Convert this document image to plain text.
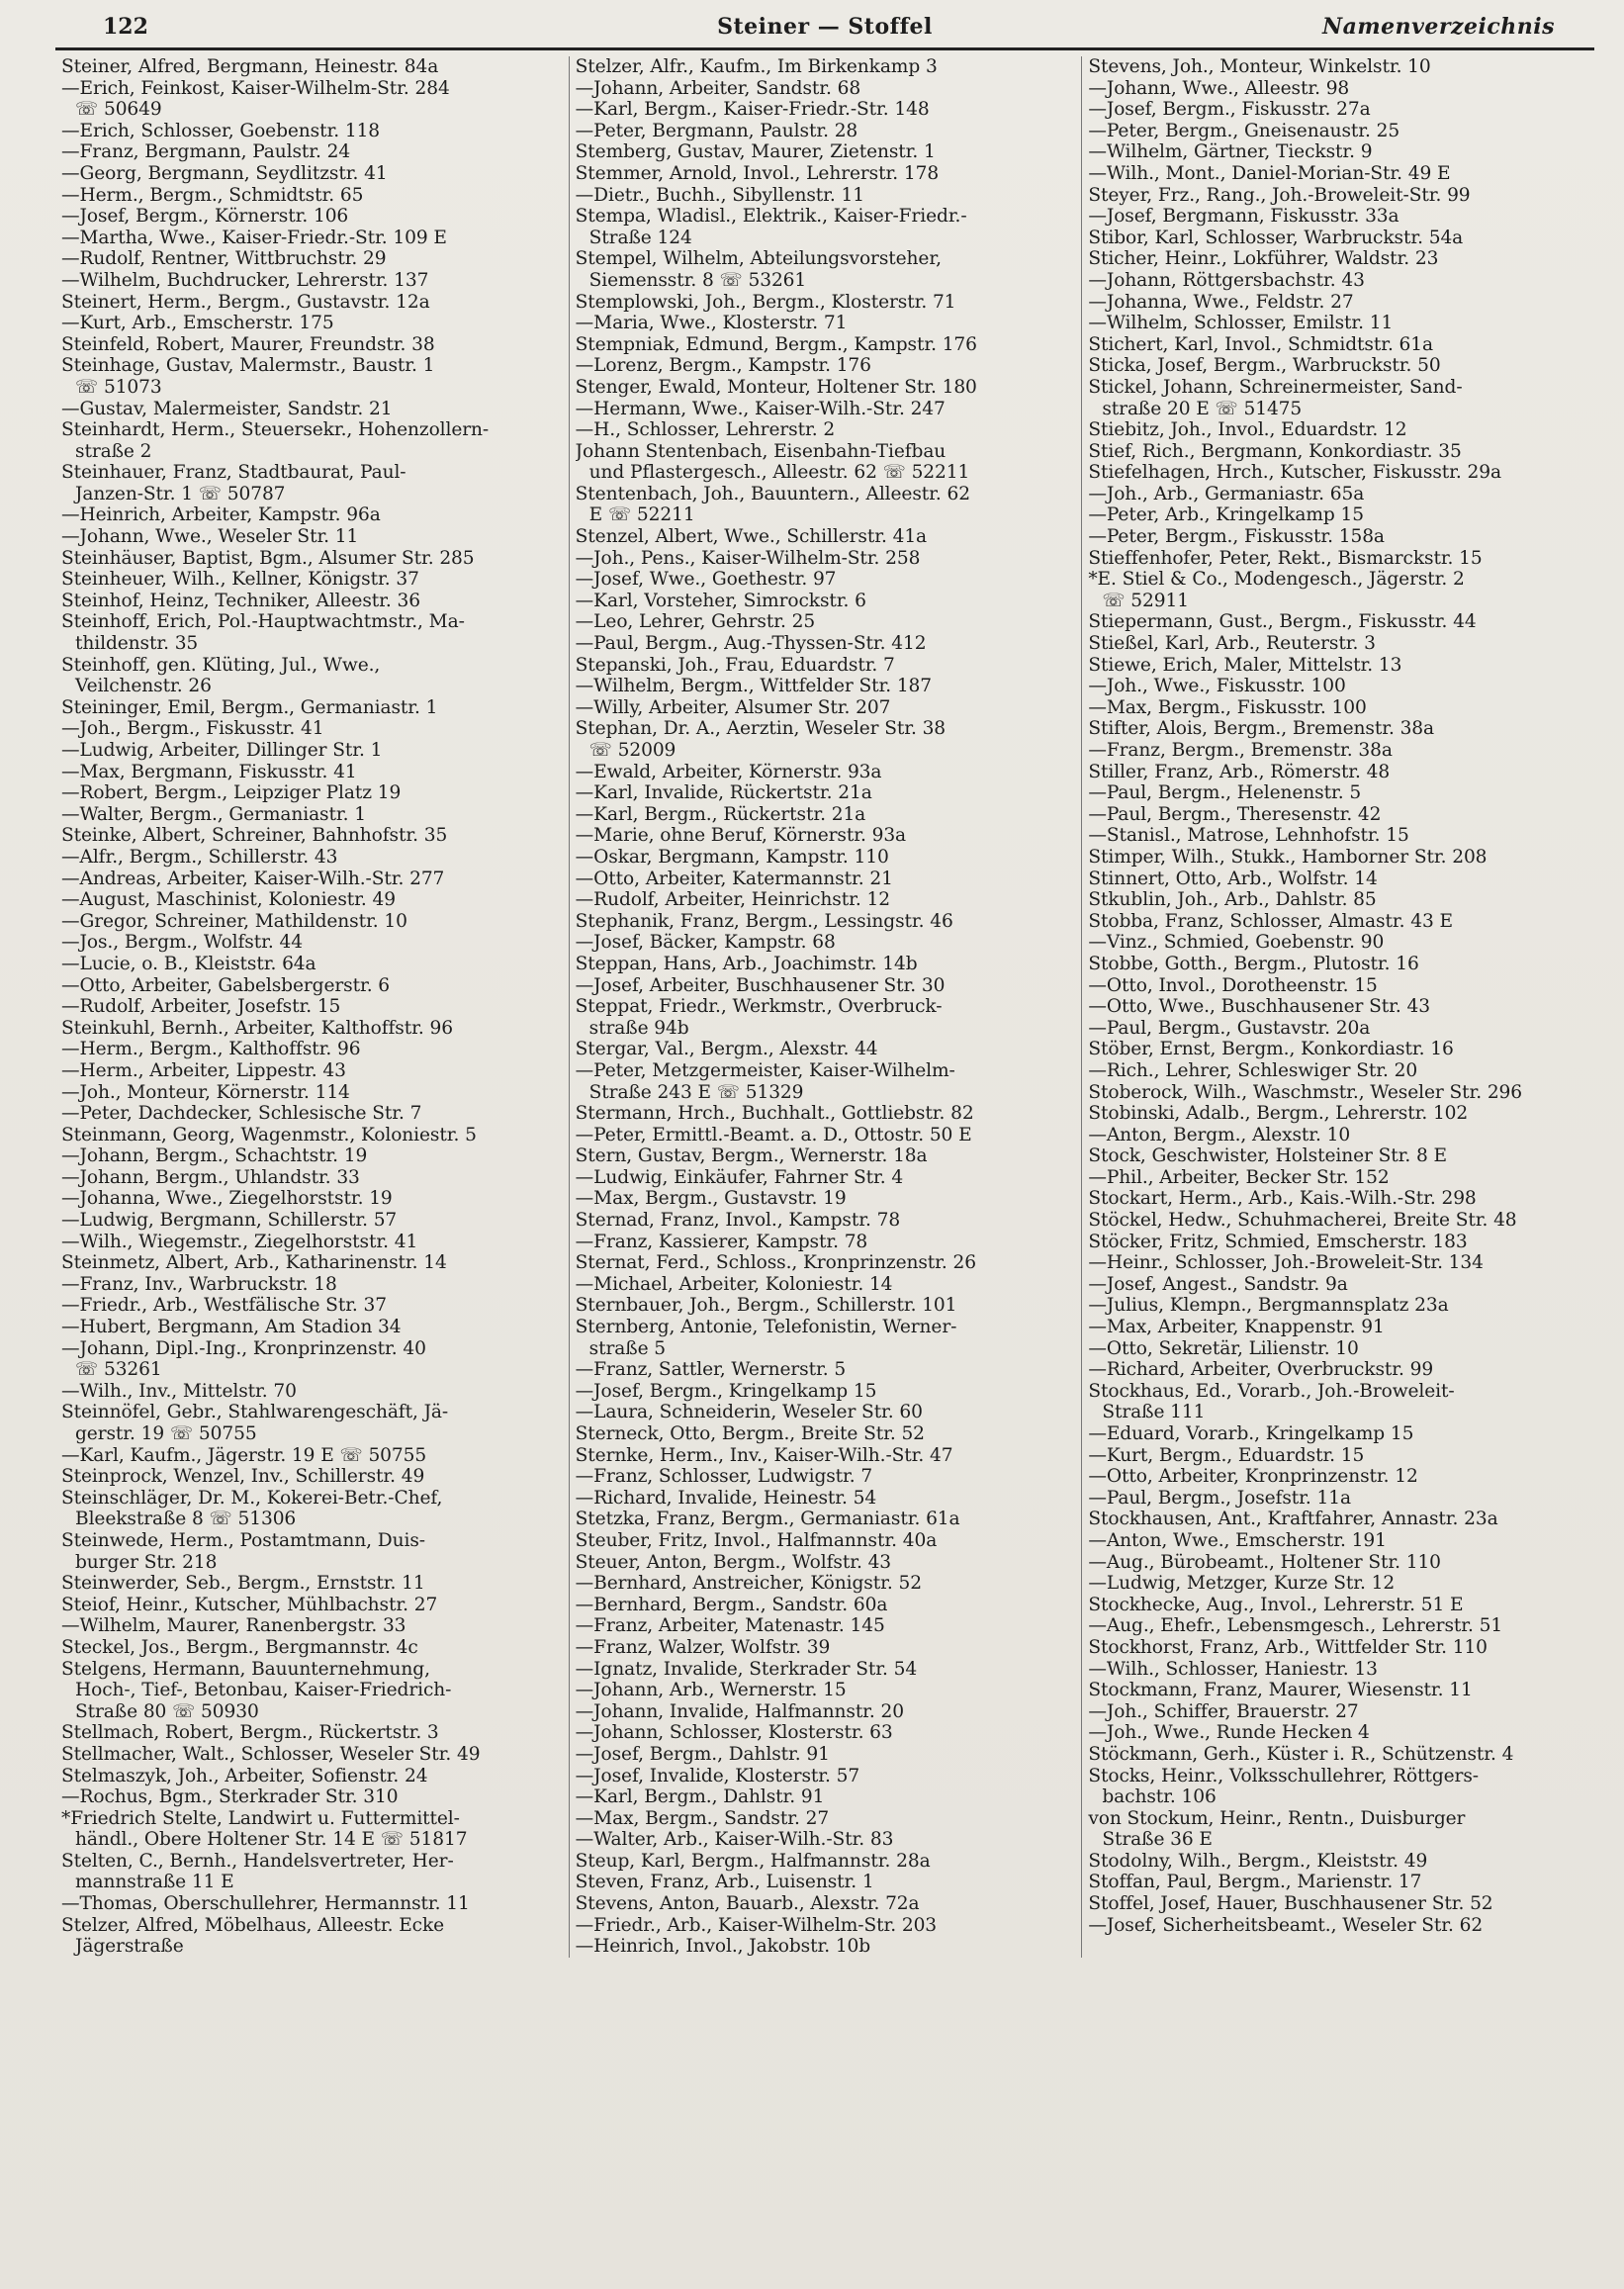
122	Steiner — Stoffel	Namenverzeichnis
Steiner, Alfred, Bergmann, Heinestr. 84a
—Erich, Feinkost, Kaiser-Wilhelm-Str. 284
☏ 50649
—Erich, Schlosser, Goebenstr. 118
—Franz, Bergmann, Paulstr. 24
—Georg, Bergmann, Seydlitzstr. 41
—Herm., Bergm., Schmidtstr. 65
—Josef, Bergm., Körnerstr. 106
—Martha, Wwe., Kaiser-Friedr.-Str. 109 E
—Rudolf, Rentner, Wittbruchstr. 29
—Wilhelm, Buchdrucker, Lehrerstr. 137
Steinert, Herm., Bergm., Gustavstr. 12a
—Kurt, Arb., Emscherstr. 175
Steinfeld, Robert, Maurer, Freundstr. 38
Steinhage, Gustav, Malermstr., Baustr. 1
☏ 51073
—Gustav, Malermeister, Sandstr. 21
Steinhardt, Herm., Steuersekr., Hohenzollern-
straße 2
Steinhauer, Franz, Stadtbaurat, Paul-
Janzen-Str. 1 ☏ 50787
—Heinrich, Arbeiter, Kampstr. 96a
—Johann, Wwe., Weseler Str. 11
Steinhäuser, Baptist, Bgm., Alsumer Str. 285
Steinheuer, Wilh., Kellner, Königstr. 37
Steinhof, Heinz, Techniker, Alleestr. 36
Steinhoff, Erich, Pol.-Hauptwachtmstr., Ma-
thildenstr. 35
Steinhoff, gen. Klüting, Jul., Wwe.,
Veilchenstr. 26
Steininger, Emil, Bergm., Germaniastr. 1
—Joh., Bergm., Fiskusstr. 41
—Ludwig, Arbeiter, Dillinger Str. 1
—Max, Bergmann, Fiskusstr. 41
—Robert, Bergm., Leipziger Platz 19
—Walter, Bergm., Germaniastr. 1
Steinke, Albert, Schreiner, Bahnhofstr. 35
—Alfr., Bergm., Schillerstr. 43
—Andreas, Arbeiter, Kaiser-Wilh.-Str. 277
—August, Maschinist, Koloniestr. 49
—Gregor, Schreiner, Mathildenstr. 10
—Jos., Bergm., Wolfstr. 44
—Lucie, o. B., Kleiststr. 64a
—Otto, Arbeiter, Gabelsbergerstr. 6
—Rudolf, Arbeiter, Josefstr. 15
Steinkuhl, Bernh., Arbeiter, Kalthoffstr. 96
—Herm., Bergm., Kalthoffstr. 96
—Herm., Arbeiter, Lippestr. 43
—Joh., Monteur, Körnerstr. 114
—Peter, Dachdecker, Schlesische Str. 7
Steinmann, Georg, Wagenmstr., Koloniestr. 5
—Johann, Bergm., Schachtstr. 19
—Johann, Bergm., Uhlandstr. 33
—Johanna, Wwe., Ziegelhorststr. 19
—Ludwig, Bergmann, Schillerstr. 57
—Wilh., Wiegemstr., Ziegelhorststr. 41
Steinmetz, Albert, Arb., Katharinenstr. 14
—Franz, Inv., Warbruckstr. 18
—Friedr., Arb., Westfälische Str. 37
—Hubert, Bergmann, Am Stadion 34
—Johann, Dipl.-Ing., Kronprinzenstr. 40
☏ 53261
—Wilh., Inv., Mittelstr. 70
Steinnöfel, Gebr., Stahlwarengeschäft, Jä-
gerstr. 19 ☏ 50755
—Karl, Kaufm., Jägerstr. 19 E ☏ 50755
Steinprock, Wenzel, Inv., Schillerstr. 49
Steinschläger, Dr. M., Kokerei-Betr.-Chef,
Bleekstraße 8 ☏ 51306
Steinwede, Herm., Postamtmann, Duis-
burger Str. 218
Steinwerder, Seb., Bergm., Ernststr. 11
Steiof, Heinr., Kutscher, Mühlbachstr. 27
—Wilhelm, Maurer, Ranenbergstr. 33
Steckel, Jos., Bergm., Bergmannstr. 4c
Stelgens, Hermann, Bauunternehmung,
Hoch-, Tief-, Betonbau, Kaiser-Friedrich-
Straße 80 ☏ 50930
Stellmach, Robert, Bergm., Rückertstr. 3
Stellmacher, Walt., Schlosser, Weseler Str. 49
Stelmaszyk, Joh., Arbeiter, Sofienstr. 24
—Rochus, Bgm., Sterkrader Str. 310
*Friedrich Stelte, Landwirt u. Futtermittel-
händl., Obere Holtener Str. 14 E ☏ 51817
Stelten, C., Bernh., Handelsvertreter, Her-
mannstraße 11 E
—Thomas, Oberschullehrer, Hermannstr. 11
Stelzer, Alfred, Möbelhaus, Alleestr. Ecke
Jägerstraße
Stelzer, Alfr., Kaufm., Im Birkenkamp 3
—Johann, Arbeiter, Sandstr. 68
—Karl, Bergm., Kaiser-Friedr.-Str. 148
—Peter, Bergmann, Paulstr. 28
Stemberg, Gustav, Maurer, Zietenstr. 1
Stemmer, Arnold, Invol., Lehrerstr. 178
—Dietr., Buchh., Sibyllenstr. 11
Stempa, Wladisl., Elektrik., Kaiser-Friedr.-
Straße 124
Stempel, Wilhelm, Abteilungsvorsteher,
Siemensstr. 8 ☏ 53261
Stemplowski, Joh., Bergm., Klosterstr. 71
—Maria, Wwe., Klosterstr. 71
Stempniak, Edmund, Bergm., Kampstr. 176
—Lorenz, Bergm., Kampstr. 176
Stenger, Ewald, Monteur, Holtener Str. 180
—Hermann, Wwe., Kaiser-Wilh.-Str. 247
—H., Schlosser, Lehrerstr. 2
Johann Stentenbach, Eisenbahn-Tiefbau
und Pflastergesch., Alleestr. 62 ☏ 52211
Stentenbach, Joh., Bauuntern., Alleestr. 62
E ☏ 52211
Stenzel, Albert, Wwe., Schillerstr. 41a
—Joh., Pens., Kaiser-Wilhelm-Str. 258
—Josef, Wwe., Goethestr. 97
—Karl, Vorsteher, Simrockstr. 6
—Leo, Lehrer, Gehrstr. 25
—Paul, Bergm., Aug.-Thyssen-Str. 412
Stepanski, Joh., Frau, Eduardstr. 7
—Wilhelm, Bergm., Wittfelder Str. 187
—Willy, Arbeiter, Alsumer Str. 207
Stephan, Dr. A., Aerztin, Weseler Str. 38
☏ 52009
—Ewald, Arbeiter, Körnerstr. 93a
—Karl, Invalide, Rückertstr. 21a
—Karl, Bergm., Rückertstr. 21a
—Marie, ohne Beruf, Körnerstr. 93a
—Oskar, Bergmann, Kampstr. 110
—Otto, Arbeiter, Katermannstr. 21
—Rudolf, Arbeiter, Heinrichstr. 12
Stephanik, Franz, Bergm., Lessingstr. 46
—Josef, Bäcker, Kampstr. 68
Steppan, Hans, Arb., Joachimstr. 14b
—Josef, Arbeiter, Buschhausener Str. 30
Steppat, Friedr., Werkmstr., Overbruck-
straße 94b
Stergar, Val., Bergm., Alexstr. 44
—Peter, Metzgermeister, Kaiser-Wilhelm-
Straße 243 E ☏ 51329
Stermann, Hrch., Buchhalt., Gottliebstr. 82
—Peter, Ermittl.-Beamt. a. D., Ottostr. 50 E
Stern, Gustav, Bergm., Wernerstr. 18a
—Ludwig, Einkäufer, Fahrner Str. 4
—Max, Bergm., Gustavstr. 19
Sternad, Franz, Invol., Kampstr. 78
—Franz, Kassierer, Kampstr. 78
Sternat, Ferd., Schloss., Kronprinzenstr. 26
—Michael, Arbeiter, Koloniestr. 14
Sternbauer, Joh., Bergm., Schillerstr. 101
Sternberg, Antonie, Telefonistin, Werner-
straße 5
—Franz, Sattler, Wernerstr. 5
—Josef, Bergm., Kringelkamp 15
—Laura, Schneiderin, Weseler Str. 60
Sterneck, Otto, Bergm., Breite Str. 52
Sternke, Herm., Inv., Kaiser-Wilh.-Str. 47
—Franz, Schlosser, Ludwigstr. 7
—Richard, Invalide, Heinestr. 54
Stetzka, Franz, Bergm., Germaniastr. 61a
Steuber, Fritz, Invol., Halfmannstr. 40a
Steuer, Anton, Bergm., Wolfstr. 43
—Bernhard, Anstreicher, Königstr. 52
—Bernhard, Bergm., Sandstr. 60a
—Franz, Arbeiter, Matenastr. 145
—Franz, Walzer, Wolfstr. 39
—Ignatz, Invalide, Sterkrader Str. 54
—Johann, Arb., Wernerstr. 15
—Johann, Invalide, Halfmannstr. 20
—Johann, Schlosser, Klosterstr. 63
—Josef, Bergm., Dahlstr. 91
—Josef, Invalide, Klosterstr. 57
—Karl, Bergm., Dahlstr. 91
—Max, Bergm., Sandstr. 27
—Walter, Arb., Kaiser-Wilh.-Str. 83
Steup, Karl, Bergm., Halfmannstr. 28a
Steven, Franz, Arb., Luisenstr. 1
Stevens, Anton, Bauarb., Alexstr. 72a
—Friedr., Arb., Kaiser-Wilhelm-Str. 203
—Heinrich, Invol., Jakobstr. 10b
Stevens, Joh., Monteur, Winkelstr. 10
—Johann, Wwe., Alleestr. 98
—Josef, Bergm., Fiskusstr. 27a
—Peter, Bergm., Gneisenaustr. 25
—Wilhelm, Gärtner, Tieckstr. 9
—Wilh., Mont., Daniel-Morian-Str. 49 E
Steyer, Frz., Rang., Joh.-Broweleit-Str. 99
—Josef, Bergmann, Fiskusstr. 33a
Stibor, Karl, Schlosser, Warbruckstr. 54a
Sticher, Heinr., Lokführer, Waldstr. 23
—Johann, Röttgersbachstr. 43
—Johanna, Wwe., Feldstr. 27
—Wilhelm, Schlosser, Emilstr. 11
Stichert, Karl, Invol., Schmidtstr. 61a
Sticka, Josef, Bergm., Warbruckstr. 50
Stickel, Johann, Schreinermeister, Sand-
straße 20 E ☏ 51475
Stiebitz, Joh., Invol., Eduardstr. 12
Stief, Rich., Bergmann, Konkordiastr. 35
Stiefelhagen, Hrch., Kutscher, Fiskusstr. 29a
—Joh., Arb., Germaniastr. 65a
—Peter, Arb., Kringelkamp 15
—Peter, Bergm., Fiskusstr. 158a
Stieffenhofer, Peter, Rekt., Bismarckstr. 15
*E. Stiel & Co., Modengesch., Jägerstr. 2
☏ 52911
Stiepermann, Gust., Bergm., Fiskusstr. 44
Stießel, Karl, Arb., Reuterstr. 3
Stiewe, Erich, Maler, Mittelstr. 13
—Joh., Wwe., Fiskusstr. 100
—Max, Bergm., Fiskusstr. 100
Stifter, Alois, Bergm., Bremenstr. 38a
—Franz, Bergm., Bremenstr. 38a
Stiller, Franz, Arb., Römerstr. 48
—Paul, Bergm., Helenenstr. 5
—Paul, Bergm., Theresenstr. 42
—Stanisl., Matrose, Lehnhofstr. 15
Stimper, Wilh., Stukk., Hamborner Str. 208
Stinnert, Otto, Arb., Wolfstr. 14
Stkublin, Joh., Arb., Dahlstr. 85
Stobba, Franz, Schlosser, Almastr. 43 E
—Vinz., Schmied, Goebenstr. 90
Stobbe, Gotth., Bergm., Plutostr. 16
—Otto, Invol., Dorotheenstr. 15
—Otto, Wwe., Buschhausener Str. 43
—Paul, Bergm., Gustavstr. 20a
Stöber, Ernst, Bergm., Konkordiastr. 16
—Rich., Lehrer, Schleswiger Str. 20
Stoberock, Wilh., Waschmstr., Weseler Str. 296
Stobinski, Adalb., Bergm., Lehrerstr. 102
—Anton, Bergm., Alexstr. 10
Stock, Geschwister, Holsteiner Str. 8 E
—Phil., Arbeiter, Becker Str. 152
Stockart, Herm., Arb., Kais.-Wilh.-Str. 298
Stöckel, Hedw., Schuhmacherei, Breite Str. 48
Stöcker, Fritz, Schmied, Emscherstr. 183
—Heinr., Schlosser, Joh.-Broweleit-Str. 134
—Josef, Angest., Sandstr. 9a
—Julius, Klempn., Bergmannsplatz 23a
—Max, Arbeiter, Knappenstr. 91
—Otto, Sekretär, Lilienstr. 10
—Richard, Arbeiter, Overbruckstr. 99
Stockhaus, Ed., Vorarb., Joh.-Broweleit-
Straße 111
—Eduard, Vorarb., Kringelkamp 15
—Kurt, Bergm., Eduardstr. 15
—Otto, Arbeiter, Kronprinzenstr. 12
—Paul, Bergm., Josefstr. 11a
Stockhausen, Ant., Kraftfahrer, Annastr. 23a
—Anton, Wwe., Emscherstr. 191
—Aug., Bürobeamt., Holtener Str. 110
—Ludwig, Metzger, Kurze Str. 12
Stockhecke, Aug., Invol., Lehrerstr. 51 E
—Aug., Ehefr., Lebensmgesch., Lehrerstr. 51
Stockhorst, Franz, Arb., Wittfelder Str. 110
—Wilh., Schlosser, Haniestr. 13
Stockmann, Franz, Maurer, Wiesenstr. 11
—Joh., Schiffer, Brauerstr. 27
—Joh., Wwe., Runde Hecken 4
Stöckmann, Gerh., Küster i. R., Schützenstr. 4
Stocks, Heinr., Volksschullehrer, Röttgers-
bachstr. 106
von Stockum, Heinr., Rentn., Duisburger
Straße 36 E
Stodolny, Wilh., Bergm., Kleiststr. 49
Stoffan, Paul, Bergm., Marienstr. 17
Stoffel, Josef, Hauer, Buschhausener Str. 52
—Josef, Sicherheitsbeamt., Weseler Str. 62
